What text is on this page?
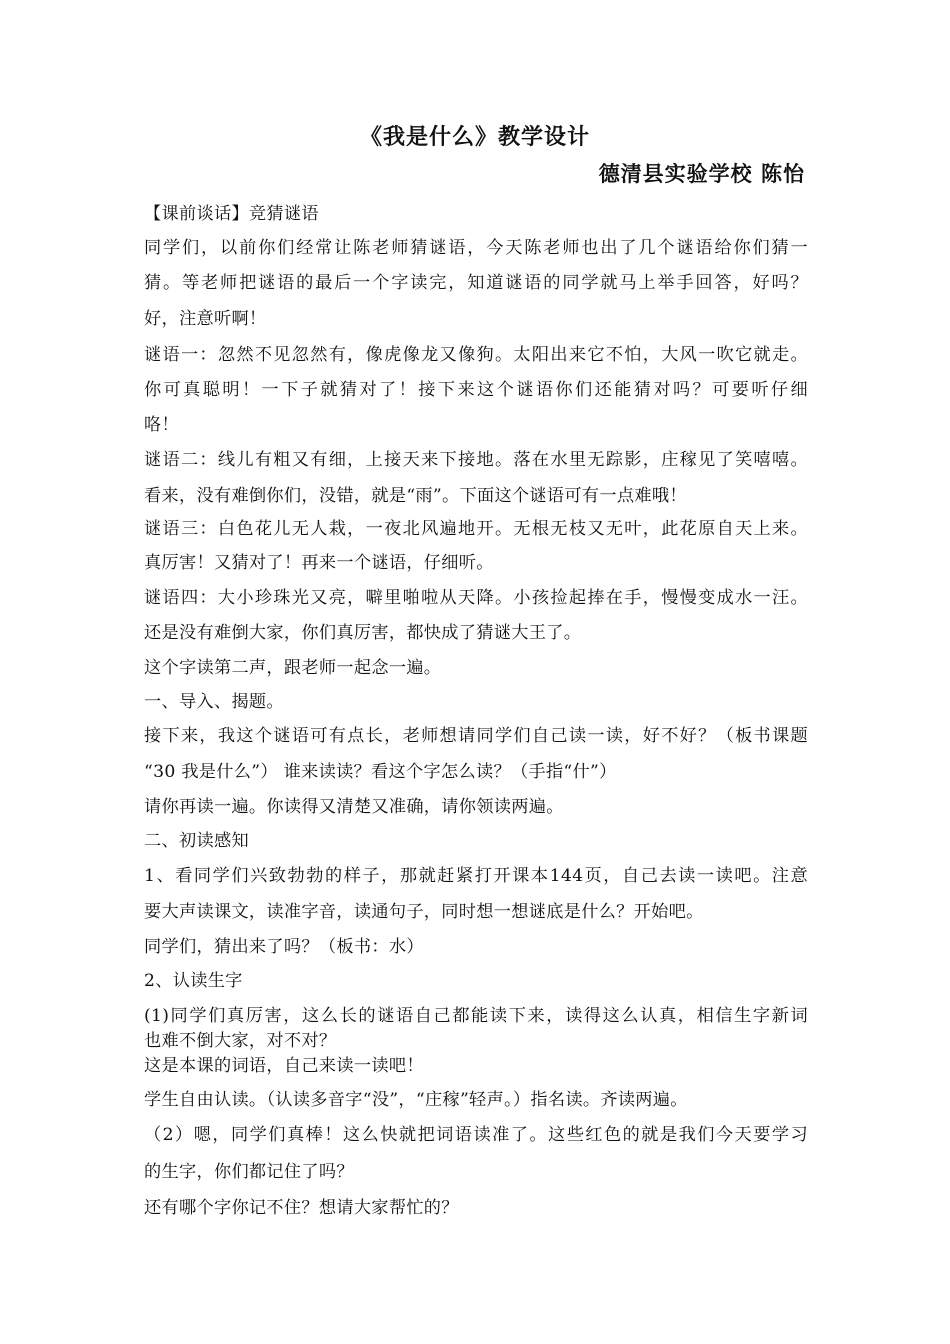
《我是什么》教学设计
德清县实验学校 陈怡
【课前谈话】竞猜谜语
同学们，以前你们经常让陈老师猜谜语，今天陈老师也出了几个谜语给你们猜一
猜。等老师把谜语的最后一个字读完，知道谜语的同学就马上举手回答，好吗？
好，注意听啊！
谜语一：忽然不见忽然有，像虎像龙又像狗。太阳出来它不怕，大风一吹它就走。
你可真聪明！一下子就猜对了！接下来这个谜语你们还能猜对吗？可要听仔细
咯！
谜语二：线儿有粗又有细，上接天来下接地。落在水里无踪影，庄稼见了笑嘻嘻。
看来，没有难倒你们，没错，就是“雨”。下面这个谜语可有一点难哦！
谜语三：白色花儿无人栽，一夜北风遍地开。无根无枝又无叶，此花原自天上来。
真厉害！又猜对了！再来一个谜语，仔细听。
谜语四：大小珍珠光又亮，噼里啪啦从天降。小孩捡起捧在手，慢慢变成水一汪。
还是没有难倒大家，你们真厉害，都快成了猜谜大王了。
这个字读第二声，跟老师一起念一遍。
一、导入、揭题。
接下来，我这个谜语可有点长，老师想请同学们自己读一读，好不好？（板书课题
“30 我是什么”） 谁来读读？看这个字怎么读？（手指“什”）
请你再读一遍。你读得又清楚又准确，请你领读两遍。
二、初读感知
1、看同学们兴致勃勃的样子，那就赶紧打开课本144页，自己去读一读吧。注意
要大声读课文，读准字音，读通句子，同时想一想谜底是什么？开始吧。
同学们，猜出来了吗？（板书：水）
2、认读生字
(1)同学们真厉害，这么长的谜语自己都能读下来，读得这么认真，相信生字新词
也难不倒大家，对不对？
这是本课的词语，自己来读一读吧！
学生自由认读。（认读多音字“没”，“庄稼”轻声。）指名读。齐读两遍。
（2）嗯，同学们真棒！这么快就把词语读准了。这些红色的就是我们今天要学习
的生字，你们都记住了吗？
还有哪个字你记不住？想请大家帮忙的？
